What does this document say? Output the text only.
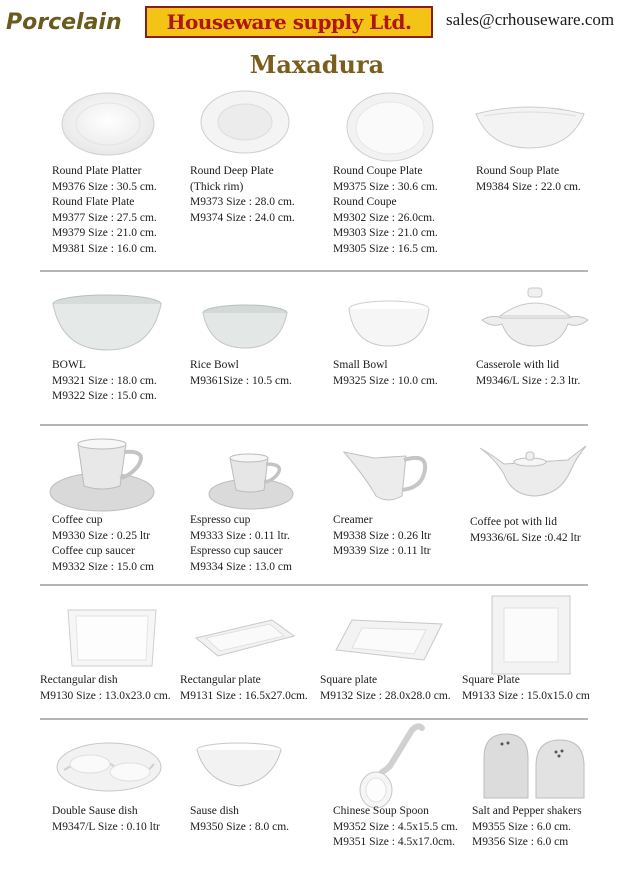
Porcelain Houseware supply Ltd. sales@crhouseware.com
Maxadura
Round Plate Platter
M9376 Size : 30.5 cm.
Round Flate Plate
M9377 Size : 27.5 cm.
M9379 Size : 21.0 cm.
M9381 Size : 16.0 cm.
Round Deep Plate
(Thick rim)
M9373 Size : 28.0 cm.
M9374 Size : 24.0 cm.
Round Coupe Plate
M9375 Size : 30.6 cm.
Round Coupe
M9302 Size : 26.0cm.
M9303 Size : 21.0 cm.
M9305 Size : 16.5 cm.
Round Soup Plate
M9384 Size : 22.0 cm.
BOWL
M9321 Size : 18.0 cm.
M9322 Size : 15.0 cm.
Rice Bowl
M9361Size : 10.5 cm.
Small Bowl
M9325 Size : 10.0 cm.
Casserole with lid
M9346/L Size : 2.3 ltr.
Coffee cup
M9330 Size : 0.25 ltr
Coffee cup saucer
M9332 Size : 15.0 cm
Espresso cup
M9333 Size : 0.11 ltr.
Espresso cup saucer
M9334 Size : 13.0 cm
Creamer
M9338 Size : 0.26 ltr
M9339 Size : 0.11 ltr
Coffee pot with lid
M9336/6L Size :0.42 ltr
Rectangular dish
M9130 Size : 13.0x23.0 cm.
Rectangular plate
M9131 Size : 16.5x27.0cm.
Square plate
M9132 Size : 28.0x28.0 cm.
Square Plate
M9133 Size : 15.0x15.0 cm
Double Sause dish
M9347/L Size : 0.10 ltr
Sause dish
M9350 Size : 8.0 cm.
Chinese Soup Spoon
M9352 Size : 4.5x15.5 cm.
M9351 Size : 4.5x17.0cm.
Salt and Pepper shakers
M9355 Size : 6.0 cm.
M9356 Size : 6.0 cm
